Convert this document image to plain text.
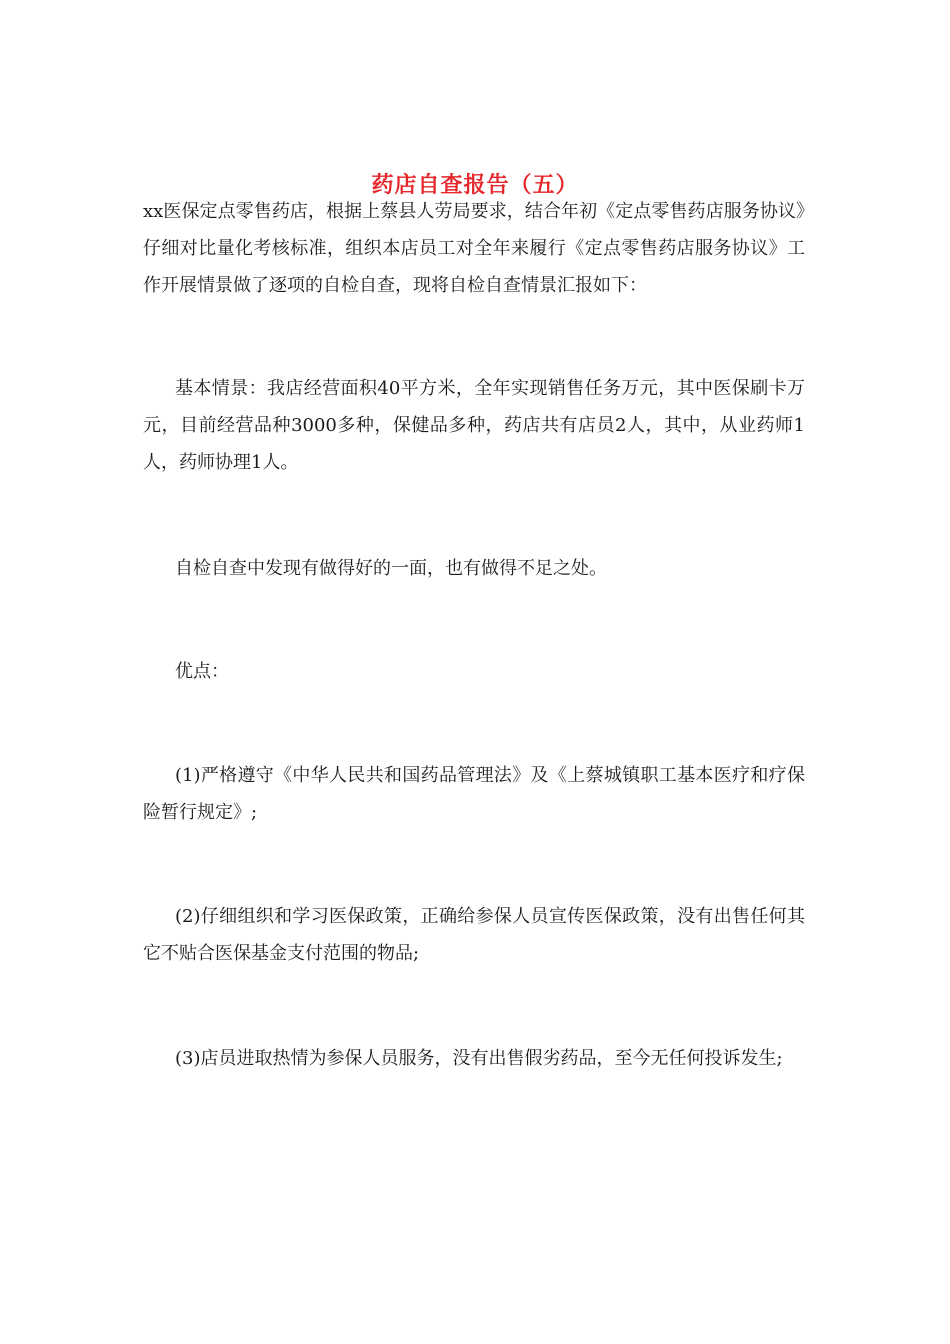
药店自查报告（五）

xx医保定点零售药店，根据上蔡县人劳局要求，结合年初《定点零售药店服务协议》仔细对比量化考核标准，组织本店员工对全年来履行《定点零售药店服务协议》工作开展情景做了逐项的自检自查，现将自检自查情景汇报如下：

基本情景：我店经营面积40平方米，全年实现销售任务万元，其中医保刷卡万元，目前经营品种3000多种，保健品多种，药店共有店员2人，其中，从业药师1人，药师协理1人。

自检自查中发现有做得好的一面，也有做得不足之处。

优点：

(1)严格遵守《中华人民共和国药品管理法》及《上蔡城镇职工基本医疗和疗保险暂行规定》;

(2)仔细组织和学习医保政策，正确给参保人员宣传医保政策，没有出售任何其它不贴合医保基金支付范围的物品;

(3)店员进取热情为参保人员服务，没有出售假劣药品，至今无任何投诉发生;
